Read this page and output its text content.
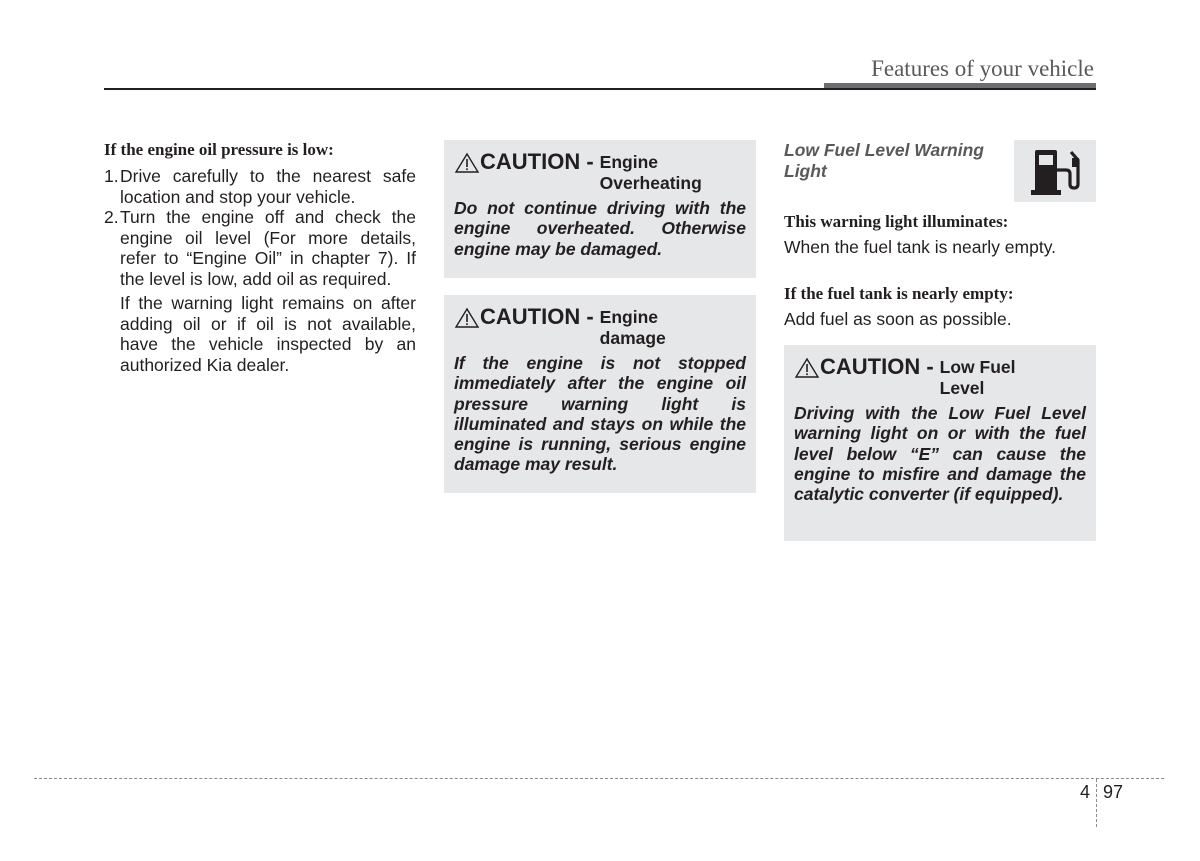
Features of your vehicle

If the engine oil pressure is low:

1. Drive carefully to the nearest safe location and stop your vehicle.
2. Turn the engine off and check the engine oil level (For more details, refer to “Engine Oil” in chapter 7). If the level is low, add oil as required.
If the warning light remains on after adding oil or if oil is not available, have the vehicle inspected by an authorized Kia dealer.
CAUTION - Engine Overheating
Do not continue driving with the engine overheated. Otherwise engine may be damaged.
CAUTION - Engine damage
If the engine is not stopped immediately after the engine oil pressure warning light is illuminated and stays on while the engine is running, serious engine damage may result.
Low Fuel Level Warning Light

This warning light illuminates:

When the fuel tank is nearly empty.

If the fuel tank is nearly empty:

Add fuel as soon as possible.
CAUTION - Low Fuel Level
Driving with the Low Fuel Level warning light on or with the fuel level below “E” can cause the engine to misfire and damage the catalytic converter (if equipped).
4 97
